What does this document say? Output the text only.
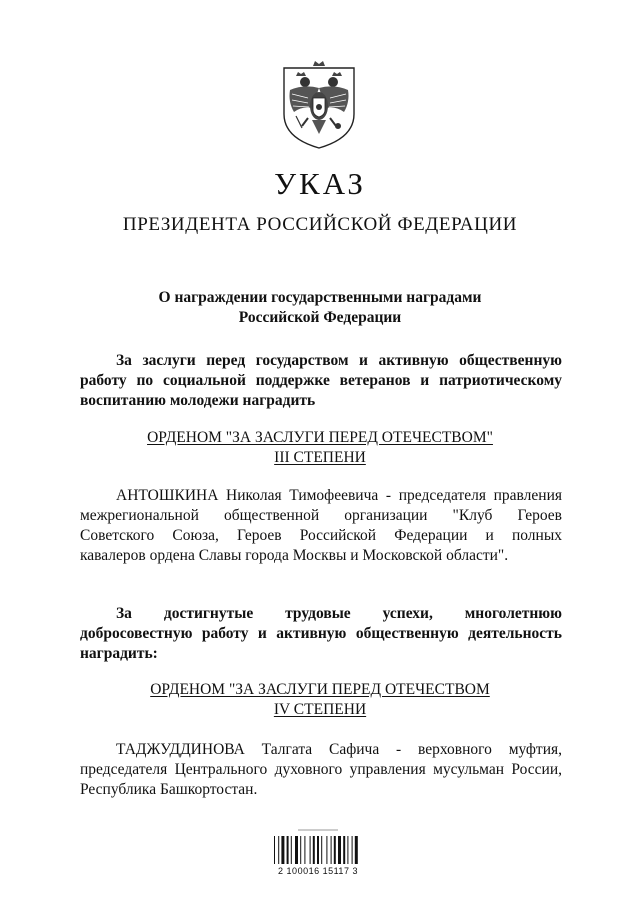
УКАЗ
ПРЕЗИДЕНТА РОССИЙСКОЙ ФЕДЕРАЦИИ
О награждении государственными наградами
Российской Федерации
За заслуги перед государством и активную общественную
работу по социальной поддержке ветеранов и патриотическому
воспитанию молодежи наградить
ОРДЕНОМ "ЗА ЗАСЛУГИ ПЕРЕД ОТЕЧЕСТВОМ"
III СТЕПЕНИ
АНТОШКИНА Николая Тимофеевича - председателя правления
межрегиональной общественной организации "Клуб Героев
Советского Союза, Героев Российской Федерации и полных
кавалеров ордена Славы города Москвы и Московской области".
За достигнутые трудовые успехи, многолетнюю
добросовестную работу и активную общественную деятельность
наградить:
ОРДЕНОМ "ЗА ЗАСЛУГИ ПЕРЕД ОТЕЧЕСТВОМ
IV СТЕПЕНИ
ТАДЖУДДИНОВА Талгата Сафича - верховного муфтия,
председателя Центрального духовного управления мусульман России,
Республика Башкортостан.
2 100016 15117 3
